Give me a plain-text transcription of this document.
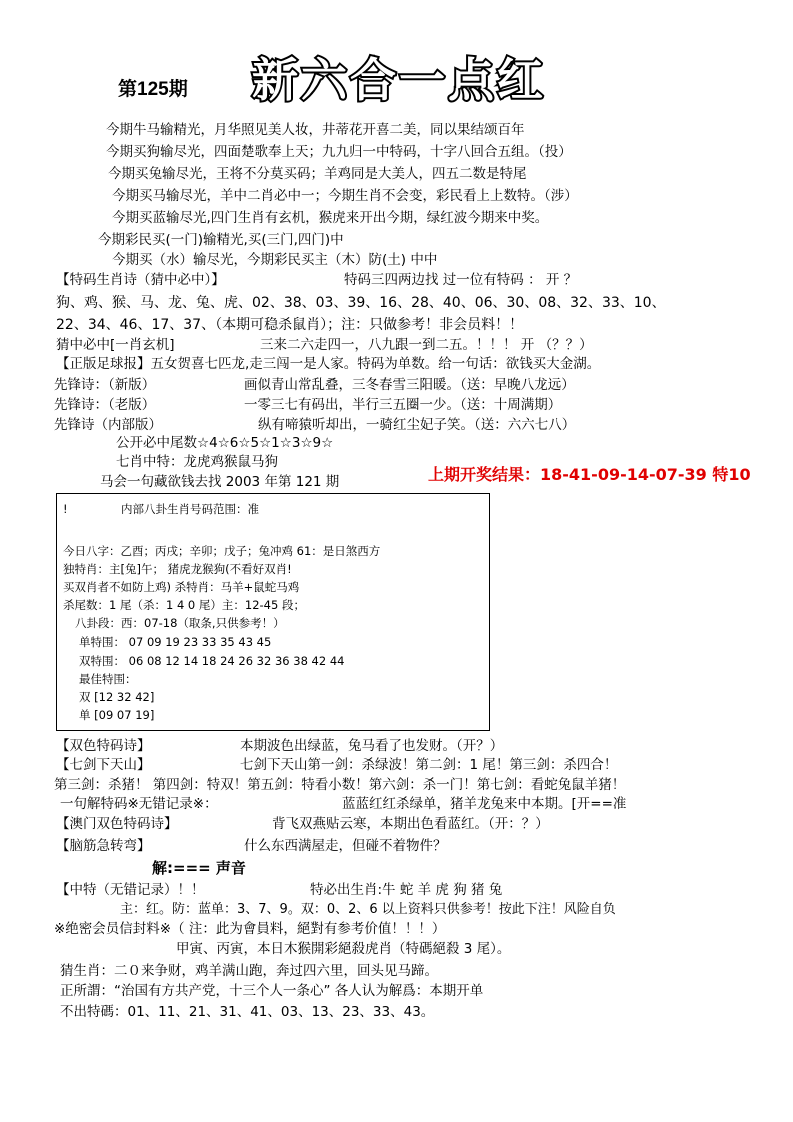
第125期 新六合一点红
今期牛马输精光，月华照见美人妆，井蒂花开喜二美，同以果结颂百年
今期买狗输尽光，四面楚歌奉上天；九九归一中特码，十字八回合五组。（投）
今期买兔输尽光，王将不分莫买码；羊鸡同是大美人，四五二数是特尾
今期买马输尽光，羊中二肖必中一；今期生肖不会变，彩民看上上数特。（涉）
今期买蓝输尽光,四门生肖有玄机，猴虎来开出今期，绿红波今期来中奖。
今期彩民买(一门)输精光,买(三门,四门)中
今期买（水）输尽光，今期彩民买主（木）防(土) 中中
【特码生肖诗（猜中必中）】	特码三四两边找 过一位有特码 ： 开 ？
狗、鸡、猴、马、龙、兔、虎、02、38、03、39、16、28、40、06、30、08、32、33、10、
22、34、46、17、37、（本期可稳杀鼠肖）；注：只做参考！非会员料！！
猜中必中[一肖玄机]	三来二六走四一，八九跟一到二五。！！！ 开 （？？）
【正版足球报】五女贺喜七匹龙,走三闯一是人家。特码为单数。给一句话：欲钱买大金湖。
先锋诗：（新版）	画似青山常乱叠，三冬春雪三阳暖。（送：早晚八龙远）
先锋诗：（老版）	一零三七有码出，半行三五圈一少。（送：十周满期）
先锋诗（内部版）	纵有啼猿听却出，一骑红尘妃子笑。（送：六六七八）
公开必中尾数☆4☆6☆5☆1☆3☆9☆
七肖中特：龙虎鸡猴鼠马狗
马会一句藏欲钱去找 2003 年第 121 期	上期开奖结果：18-41-09-14-07-39 特10
!	内部八卦生肖号码范围：准
今日八字：乙酉；丙戌；辛卯；戊子；兔冲鸡 61：是日煞西方
独特肖：主[兔]午； 猪虎龙猴狗(不看好双肖!
买双肖者不如防上鸡) 杀特肖：马羊+鼠蛇马鸡
杀尾数：1 尾（杀：1 4 0 尾）主：12-45 段；
八卦段：西：07-18（取条,只供参考！）
单特围： 07 09 19 23 33 35 43 45
双特围： 06 08 12 14 18 24 26 32 36 38 42 44
最佳特围：
双 [12 32 42]
单 [09 07 19]
【双色特码诗】	本期波色出绿蓝，兔马看了也发财。（开？）
【七剑下天山】	七剑下天山第一剑：杀绿波！第二剑：1 尾！第三剑：杀四合！
第三剑：杀猪！ 第四剑：特双！第五剑：特看小数！第六剑：杀一门！第七剑：看蛇兔鼠羊猪！
一句解特码※无错记录※：	蓝蓝红红杀绿单，猪羊龙兔来中本期。[开==准
【澳门双色特码诗】	背飞双燕贴云寒，本期出色看蓝红。（开：？）
【脑筋急转弯】	什么东西满屋走，但碰不着物件？
解:=== 声音
【中特（无错记录）！！	特必出生肖:牛 蛇 羊 虎 狗 猪 兔
主：红。防：蓝单：3、7、9。双：0、2、6 以上资料只供参考！按此下注！风险自负
※绝密会员信封料※（ 注：此为會員料，絕對有参考价值！！！）
甲寅、丙寅，本日木猴開彩絕殺虎肖（特碼絕殺 3 尾）。
猜生肖：二０来争财，鸡羊满山跑，奔过四六里，回头见马蹄。
正所謂：“治国有方共产党，十三个人一条心” 各人认为解爲：本期开单
不出特碼：01、11、21、31、41、03、13、23、33、43。
